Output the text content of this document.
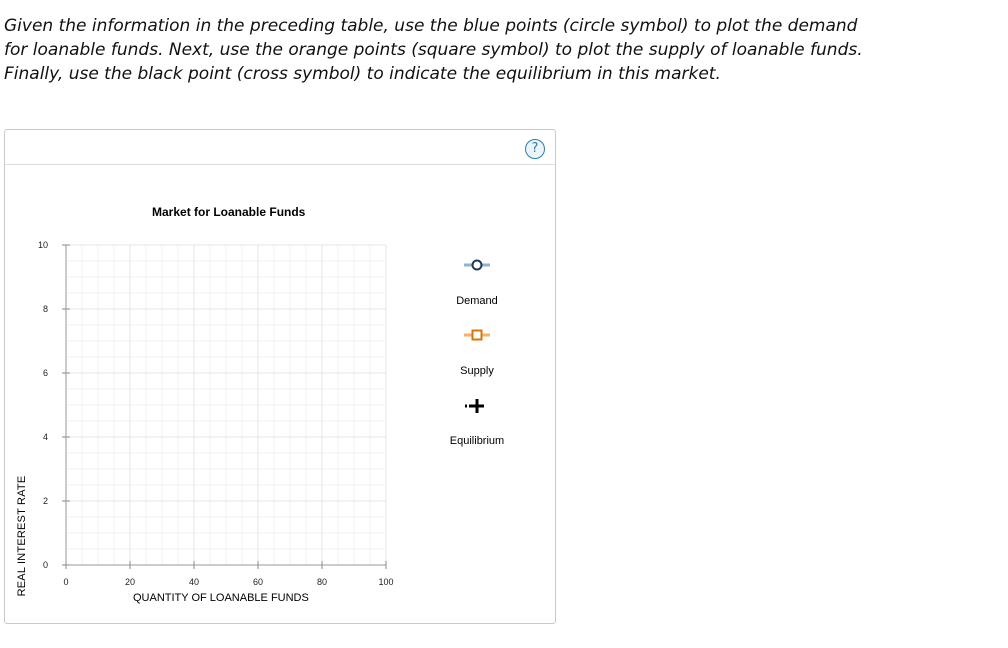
Given the information in the preceding table, use the blue points (circle symbol) to plot the demand for loanable funds. Next, use the orange points (square symbol) to plot the supply of loanable funds. Finally, use the black point (cross symbol) to indicate the equilibrium in this market.
?
Market for Loanable Funds
REAL INTEREST RATE
QUANTITY OF LOANABLE FUNDS
0
2
4
6
8
10
0	20	40	60	80	100
Demand
Supply
Equilibrium
